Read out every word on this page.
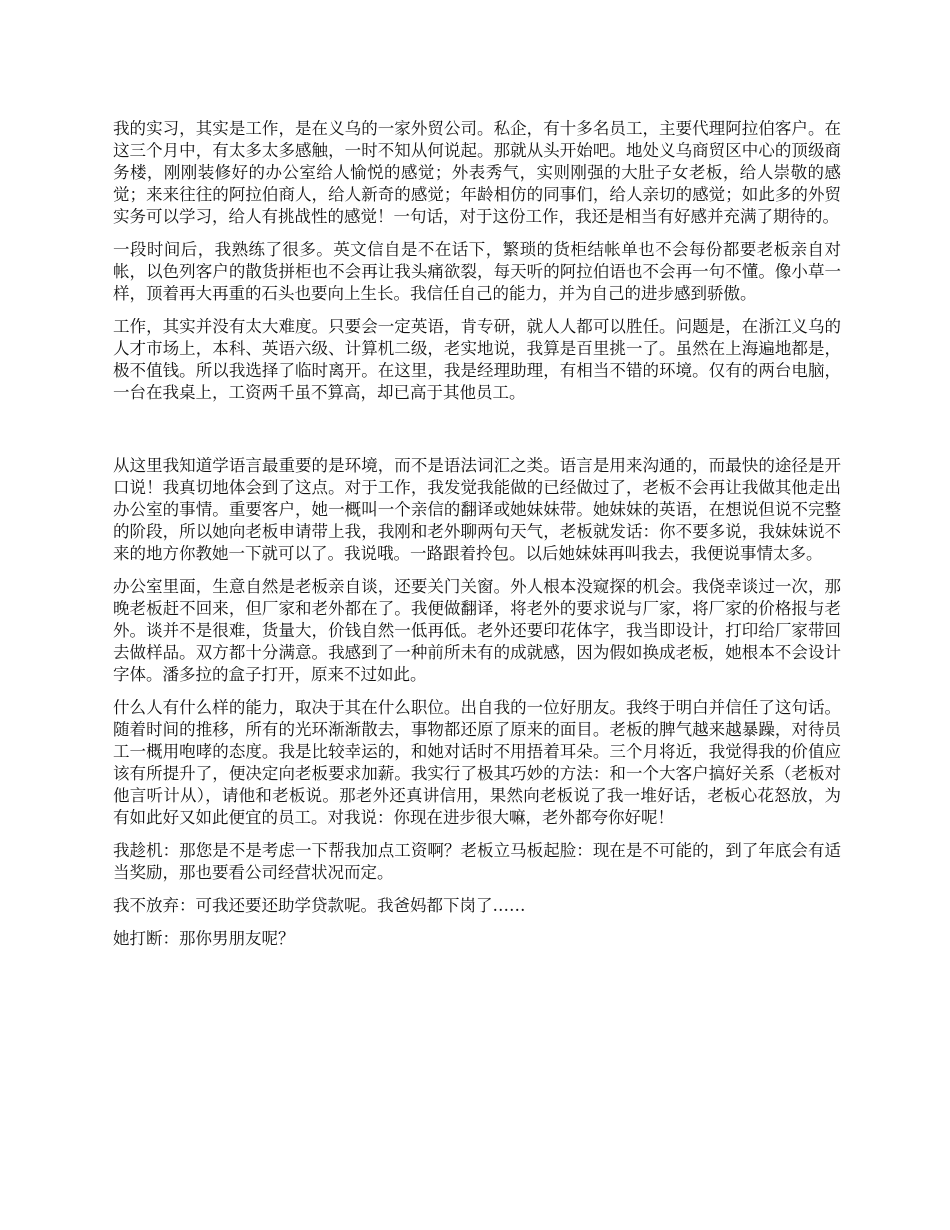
我的实习，其实是工作，是在义乌的一家外贸公司。私企，有十多名员工，主要代理阿拉伯客户。在这三个月中，有太多太多感触，一时不知从何说起。那就从头开始吧。地处义乌商贸区中心的顶级商务楼，刚刚装修好的办公室给人愉悦的感觉；外表秀气，实则刚强的大肚子女老板，给人崇敬的感觉；来来往往的阿拉伯商人，给人新奇的感觉；年龄相仿的同事们，给人亲切的感觉；如此多的外贸实务可以学习，给人有挑战性的感觉！一句话，对于这份工作，我还是相当有好感并充满了期待的。

一段时间后，我熟练了很多。英文信自是不在话下，繁琐的货柜结帐单也不会每份都要老板亲自对帐，以色列客户的散货拼柜也不会再让我头痛欲裂，每天听的阿拉伯语也不会再一句不懂。像小草一样，顶着再大再重的石头也要向上生长。我信任自己的能力，并为自己的进步感到骄傲。

工作，其实并没有太大难度。只要会一定英语，肯专研，就人人都可以胜任。问题是，在浙江义乌的人才市场上，本科、英语六级、计算机二级，老实地说，我算是百里挑一了。虽然在上海遍地都是，极不值钱。所以我选择了临时离开。在这里，我是经理助理，有相当不错的环境。仅有的两台电脑，一台在我桌上，工资两千虽不算高，却已高于其他员工。

从这里我知道学语言最重要的是环境，而不是语法词汇之类。语言是用来沟通的，而最快的途径是开口说！我真切地体会到了这点。对于工作，我发觉我能做的已经做过了，老板不会再让我做其他走出办公室的事情。重要客户，她一概叫一个亲信的翻译或她妹妹带。她妹妹的英语，在想说但说不完整的阶段，所以她向老板申请带上我，我刚和老外聊两句天气，老板就发话：你不要多说，我妹妹说不来的地方你教她一下就可以了。我说哦。一路跟着拎包。以后她妹妹再叫我去，我便说事情太多。

办公室里面，生意自然是老板亲自谈，还要关门关窗。外人根本没窥探的机会。我侥幸谈过一次，那晚老板赶不回来，但厂家和老外都在了。我便做翻译，将老外的要求说与厂家，将厂家的价格报与老外。谈并不是很难，货量大，价钱自然一低再低。老外还要印花体字，我当即设计，打印给厂家带回去做样品。双方都十分满意。我感到了一种前所未有的成就感，因为假如换成老板，她根本不会设计字体。潘多拉的盒子打开，原来不过如此。

什么人有什么样的能力，取决于其在什么职位。出自我的一位好朋友。我终于明白并信任了这句话。随着时间的推移，所有的光环渐渐散去，事物都还原了原来的面目。老板的脾气越来越暴躁，对待员工一概用咆哮的态度。我是比较幸运的，和她对话时不用捂着耳朵。三个月将近，我觉得我的价值应该有所提升了，便决定向老板要求加薪。我实行了极其巧妙的方法：和一个大客户搞好关系（老板对他言听计从），请他和老板说。那老外还真讲信用，果然向老板说了我一堆好话，老板心花怒放，为有如此好又如此便宜的员工。对我说：你现在进步很大嘛，老外都夸你好呢！

我趁机：那您是不是考虑一下帮我加点工资啊？老板立马板起脸：现在是不可能的，到了年底会有适当奖励，那也要看公司经营状况而定。

我不放弃：可我还要还助学贷款呢。我爸妈都下岗了……

她打断：那你男朋友呢？
